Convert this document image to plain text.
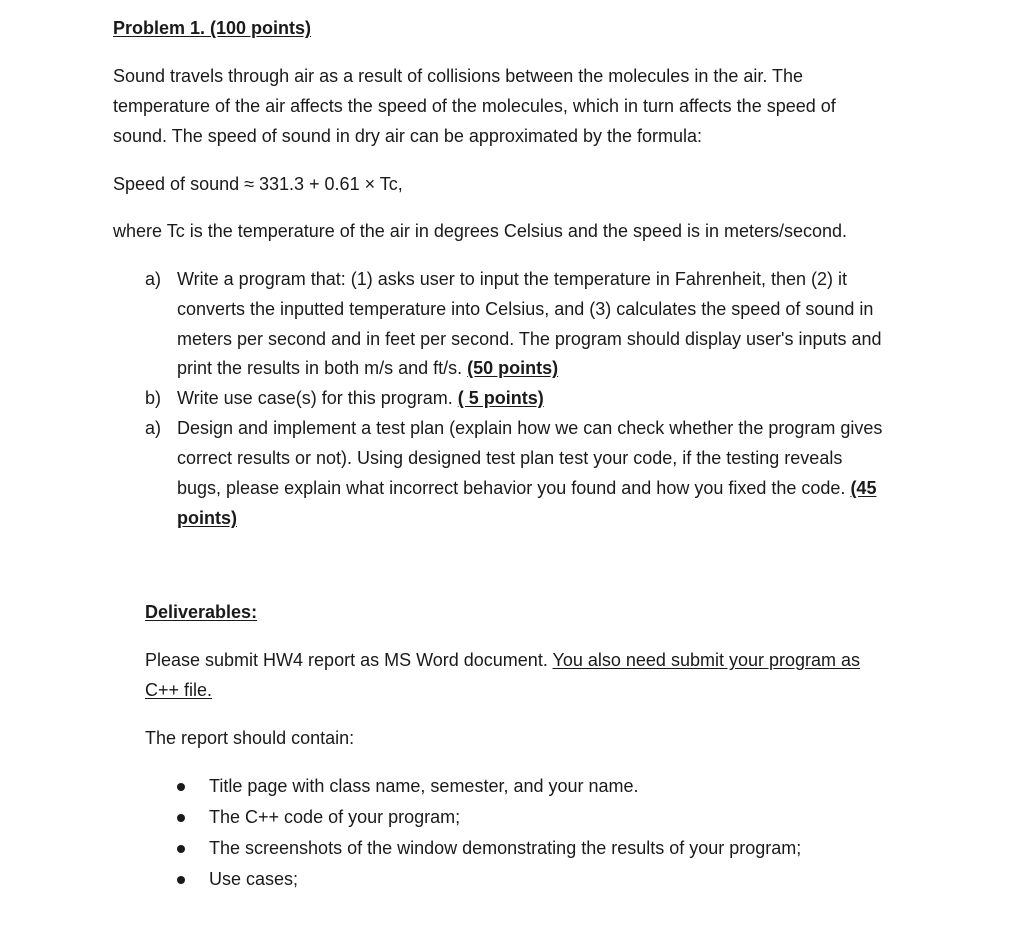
Problem 1. (100 points)

Sound travels through air as a result of collisions between the molecules in the air. The

temperature of the air affects the speed of the molecules, which in turn affects the speed of

sound. The speed of sound in dry air can be approximated by the formula:

Speed of sound ≈ 331.3 + 0.61 × Tc,

where Tc is the temperature of the air in degrees Celsius and the speed is in meters/second.

a) Write a program that: (1) asks user to input the temperature in Fahrenheit, then (2) it

converts the inputted temperature into Celsius, and (3) calculates the speed of sound in

meters per second and in feet per second. The program should display user's inputs and

print the results in both m/s and ft/s. (50 points)

b) Write use case(s) for this program. ( 5 points)

a) Design and implement a test plan (explain how we can check whether the program gives

correct results or not). Using designed test plan test your code, if the testing reveals

bugs, please explain what incorrect behavior you found and how you fixed the code. (45

points)

Deliverables:

Please submit HW4 report as MS Word document. You also need submit your program as

C++ file.

The report should contain:

Title page with class name, semester, and your name.

The C++ code of your program;

The screenshots of the window demonstrating the results of your program;

Use cases;
